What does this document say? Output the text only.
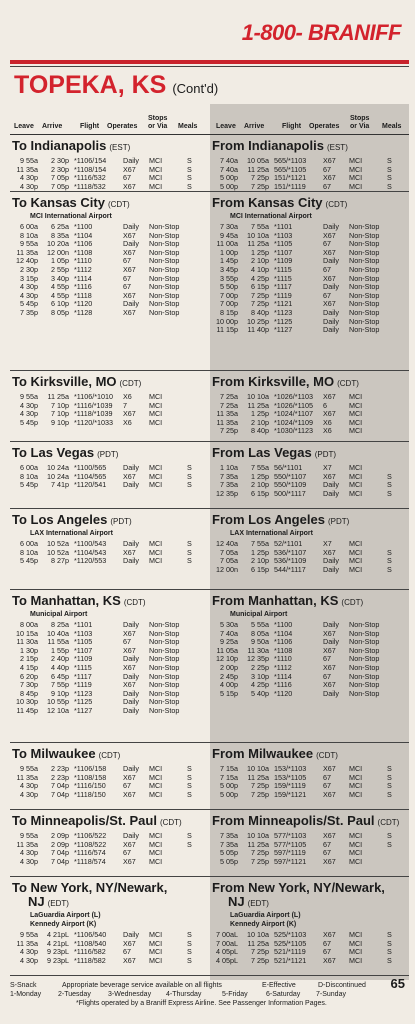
1-800- BRANIFF
TOPEKA, KS (Cont'd)
Leave Arrive	Flight Operates
Stops
or Via Meals	Leave Arrive	Flight Operates
Stops
or Via Meals
To Indianapolis (EST)
9 55a	2 30p *1106/154 Daily MCI	S
11 35a	2 30p *1108/154 X67 MCI	S
4 30p	7 05p *1116/532 67	MCI	S
4 30p	7 05p *1118/532 X67 MCI	S
From Indianapolis (EST)
7 40a	10 05a 565/*1103 X67 MCI	S
7 40a	11 25a 565/*1105 67	MCI	S
5 00p	7 25p 151/*1121 X67 MCI	S
5 00p	7 25p 151/*1119 67	MCI	S
To Kansas City (CDT)
MCI International Airport
6 00a	6 25a *1100	Daily Non-Stop
8 10a	8 35a *1104	X67 Non-Stop
9 55a	10 20a *1106	Daily Non-Stop
11 35a	12 00n *1108	X67 Non-Stop
12 40p	1 05p *1110	67	Non-Stop
2 30p	2 55p *1112	X67 Non-Stop
3 15p	3 40p *1114	67	Non-Stop
4 30p	4 55p *1116	67	Non-Stop
4 30p	4 55p *1118	X67 Non-Stop
5 45p	6 10p *1120	Daily Non-Stop
7 35p	8 05p *1128	X67 Non-Stop
From Kansas City (CDT)
MCI International Airport
7 30a	7 55a *1101	Daily Non-Stop
9 45a	10 10a *1103	X67 Non-Stop
11 00a	11 25a *1105	67	Non-Stop
1 00p	1 25p *1107	X67 Non-Stop
1 45p	2 10p *1109	Daily Non-Stop
3 45p	4 10p *1115	67	Non-Stop
3 55p	4 25p *1115	X67 Non-Stop
5 50p	6 15p *1117	Daily Non-Stop
7 00p	7 25p *1119	67	Non-Stop
7 00p	7 25p *1121	X67 Non-Stop
8 15p	8 40p *1123	Daily Non-Stop
10 00p	10 25p *1125	Daily Non-Stop
11 15p	11 40p *1127	Daily Non-Stop
To Kirksville, MO (CDT)
9 55a	11 25a *1106/*1010 X6 MCI
4 30p	7 10p *1116/*1039 7	MCI
4 30p	7 10p *1118/*1039 X67 MCI
5 45p	9 10p *1120/*1033 X6 MCI
From Kirksville, MO (CDT)
7 25a	10 10a *1026/*1103 X67 MCI
7 25a	11 25a *1026/*1105 6	MCI
11 35a	1 25p *1024/*1107 X67 MCI
11 35a	2 10p *1024/*1109 X6 MCI
7 25p	8 40p *1030/*1123 X6 MCI
To Las Vegas (PDT)
6 00a	10 24a *1100/565 Daily MCI	S
8 10a	10 24a *1104/565 X67 MCI	S
5 45p	7 41p *1120/541 Daily MCI	S
From Las Vegas (PDT)
1 10a	7 55a 56/*1101	X7 MCI
7 35a	1 25p 550/*1107 X67 MCI	S
7 35a	2 10p 550/*1109 Daily MCI	S
12 35p	6 15p 500/*1117 Daily MCI	S
To Los Angeles (PDT)
LAX International Airport
6 00a	10 52a *1100/543 Daily MCI	S
8 10a	10 52a *1104/543 X67 MCI	S
5 45p	8 27p *1120/553 Daily MCI	S
From Los Angeles (PDT)
LAX International Airport
12 40a	7 55a 52/*1101	X7 MCI
7 05a	1 25p 536/*1107 X67 MCI	S
7 05a	2 10p 536/*1109 Daily MCI	S
12 00n	6 15p 544/*1117 Daily MCI	S
To Manhattan, KS (CDT)
Municipal Airport
8 00a	8 25a *1101	Daily Non-Stop
10 15a	10 40a *1103	X67 Non-Stop
11 30a	11 55a *1105	67	Non-Stop
1 30p	1 55p *1107	X67 Non-Stop
2 15p	2 40p *1109	Daily Non-Stop
4 15p	4 40p *1115	X67 Non-Stop
6 20p	6 45p *1117	Daily Non-Stop
7 30p	7 55p *1119	X67 Non-Stop
8 45p	9 10p *1123	Daily Non-Stop
10 30p	10 55p *1125	Daily Non-Stop
11 45p	12 10a *1127	Daily Non-Stop
From Manhattan, KS (CDT)
Municipal Airport
5 30a	5 55a *1100	Daily Non-Stop
7 40a	8 05a *1104	X67 Non-Stop
9 25a	9 50a *1106	Daily Non-Stop
11 05a	11 30a *1108	X67 Non-Stop
12 10p	12 35p *1110	67	Non-Stop
2 00p	2 25p *1112	X67 Non-Stop
2 45p	3 10p *1114	67	Non-Stop
4 00p	4 25p *1116	X67 Non-Stop
5 15p	5 40p *1120	Daily Non-Stop
To Milwaukee (CDT)
9 55a	2 23p *1106/158 Daily MCI	S
11 35a	2 23p *1108/158 X67 MCI	S
4 30p	7 04p *1116/150 67	MCI	S
4 30p	7 04p *1118/150 X67 MCI	S
From Milwaukee (CDT)
7 15a	10 10a 153/*1103 X67 MCI	S
7 15a	11 25a 153/*1105 67	MCI	S
5 00p	7 25p 159/*1119 67	MCI	S
5 00p	7 25p 159/*1121 X67 MCI	S
To Minneapolis/St. Paul (CDT)
9 55a	2 09p *1106/522 Daily MCI	S
11 35a	2 09p *1108/522 X67 MCI	S
4 30p	7 04p *1116/574 67	MCI
4 30p	7 04p *1118/574 X67 MCI
From Minneapolis/St. Paul (CDT)
7 35a	10 10a 577/*1103 X67 MCI	S
7 35a	11 25a 577/*1105 67	MCI	S
5 05p	7 25p 597/*1119 67	MCI
5 05p	7 25p 597/*1121 X67 MCI
To New York, NY/Newark,
NJ (EDT)
LaGuardia Airport (L)
Kennedy Airport (K)
9 55a	4 21pL *1106/540 Daily MCI	S
11 35a	4 21pL *1108/540 X67 MCI	S
4 30p	9 23pL *1116/582 67	MCI	S
4 30p	9 23pL *1118/582 X67 MCI	S
From New York, NY/Newark,
NJ (EDT)
LaGuardia Airport (L)
Kennedy Airport (K)
7 00aL	10 10a 525/*1103 X67 MCI	S
7 00aL	11 25a 525/*1105 67	MCI	S
4 05pL	7 25p 521/*1119 67	MCI	S
4 05pL	7 25p 521/*1121 X67 MCI	S
S-Snack	Appropriate beverage service available on all flights	E-Effective	D-Discontinued
1-Monday 2-Tuesday 3-Wednesday 4-Thursday	5-Friday	6-Saturday 7-Sunday
*Flights operated by a Braniff Express Airline. See Passenger Information Pages.
65
